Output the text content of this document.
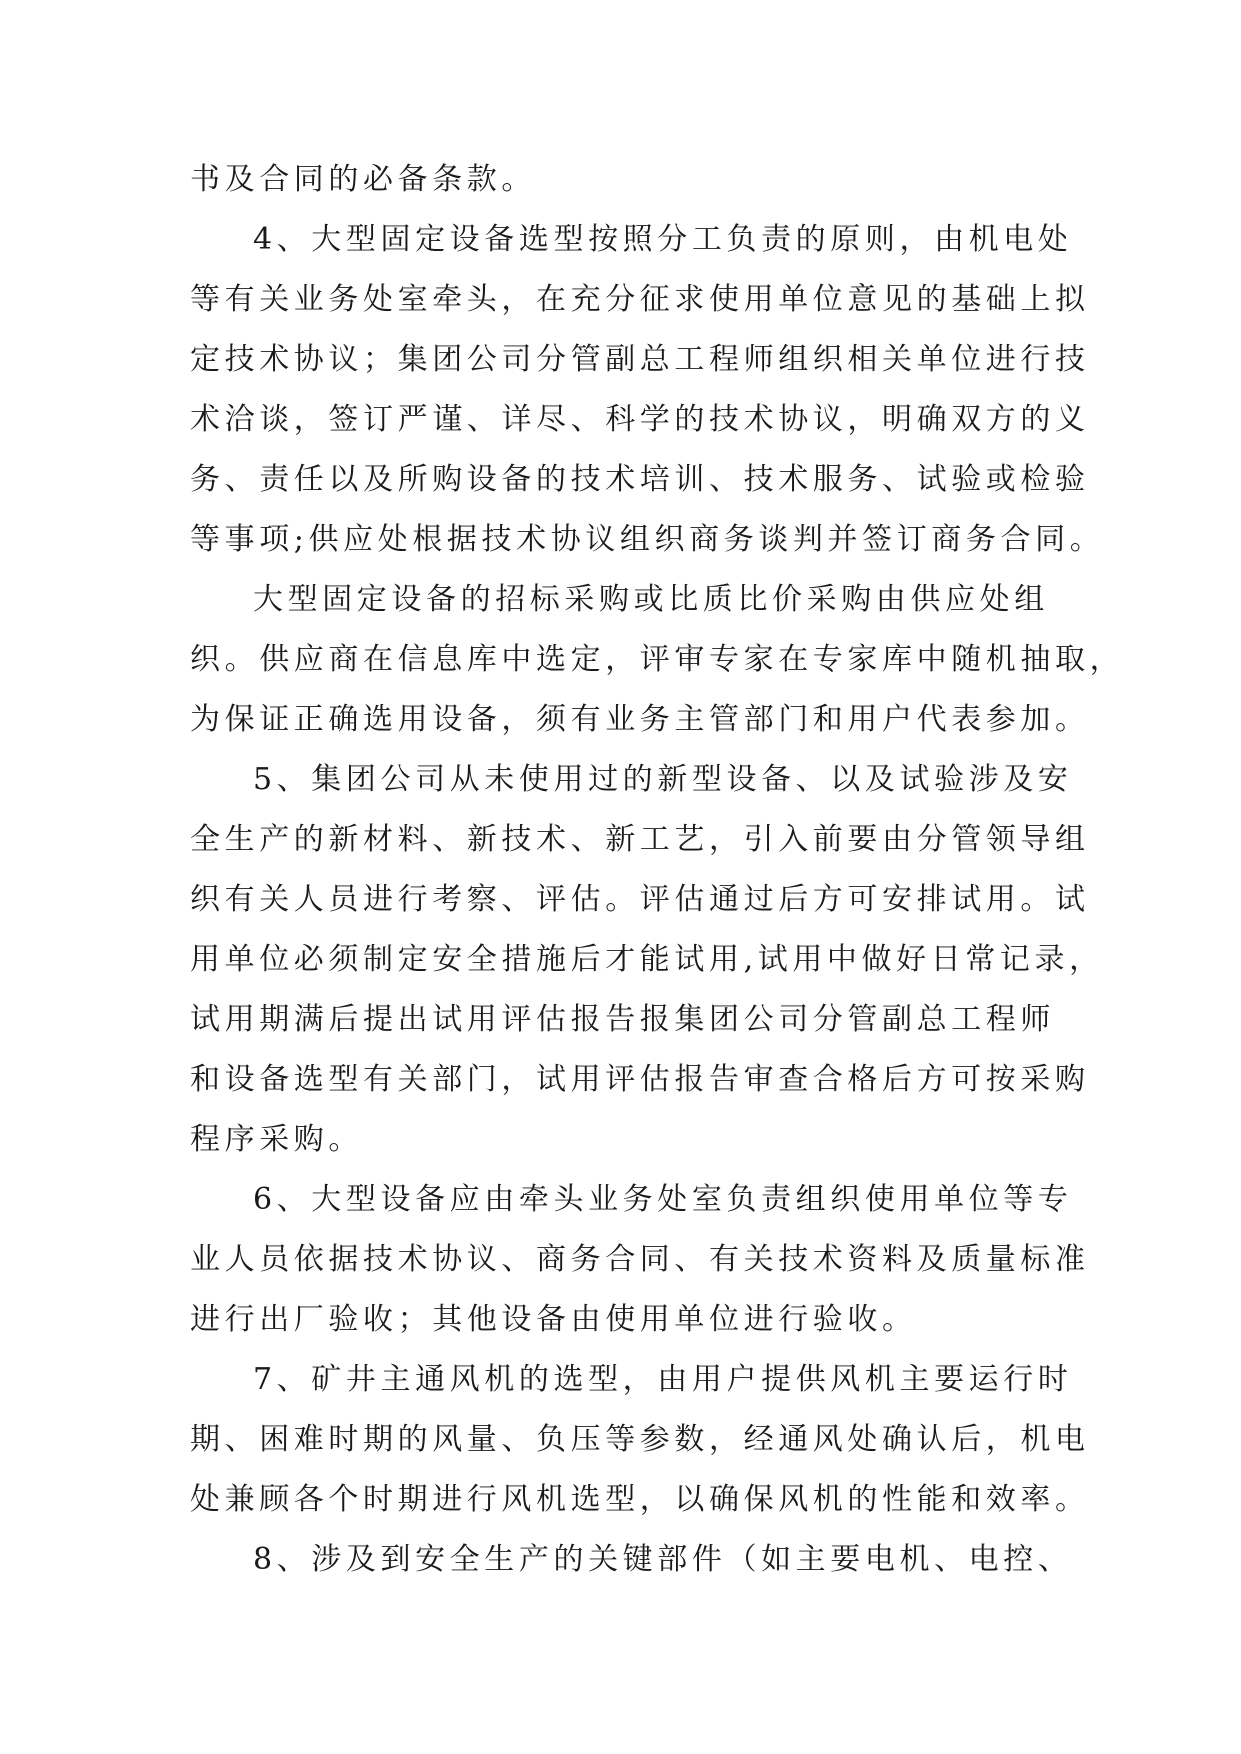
书及合同的必备条款。
4、大型固定设备选型按照分工负责的原则，由机电处
等有关业务处室牵头，在充分征求使用单位意见的基础上拟
定技术协议；集团公司分管副总工程师组织相关单位进行技
术洽谈，签订严谨、详尽、科学的技术协议，明确双方的义
务、责任以及所购设备的技术培训、技术服务、试验或检验
等事项;供应处根据技术协议组织商务谈判并签订商务合同。
大型固定设备的招标采购或比质比价采购由供应处组
织。供应商在信息库中选定，评审专家在专家库中随机抽取，
为保证正确选用设备，须有业务主管部门和用户代表参加。
5、集团公司从未使用过的新型设备、以及试验涉及安
全生产的新材料、新技术、新工艺，引入前要由分管领导组
织有关人员进行考察、评估。评估通过后方可安排试用。试
用单位必须制定安全措施后才能试用,试用中做好日常记录，
试用期满后提出试用评估报告报集团公司分管副总工程师
和设备选型有关部门，试用评估报告审查合格后方可按采购
程序采购。
6、大型设备应由牵头业务处室负责组织使用单位等专
业人员依据技术协议、商务合同、有关技术资料及质量标准
进行出厂验收；其他设备由使用单位进行验收。
7、矿井主通风机的选型，由用户提供风机主要运行时
期、困难时期的风量、负压等参数，经通风处确认后，机电
处兼顾各个时期进行风机选型，以确保风机的性能和效率。
8、涉及到安全生产的关键部件（如主要电机、电控、
